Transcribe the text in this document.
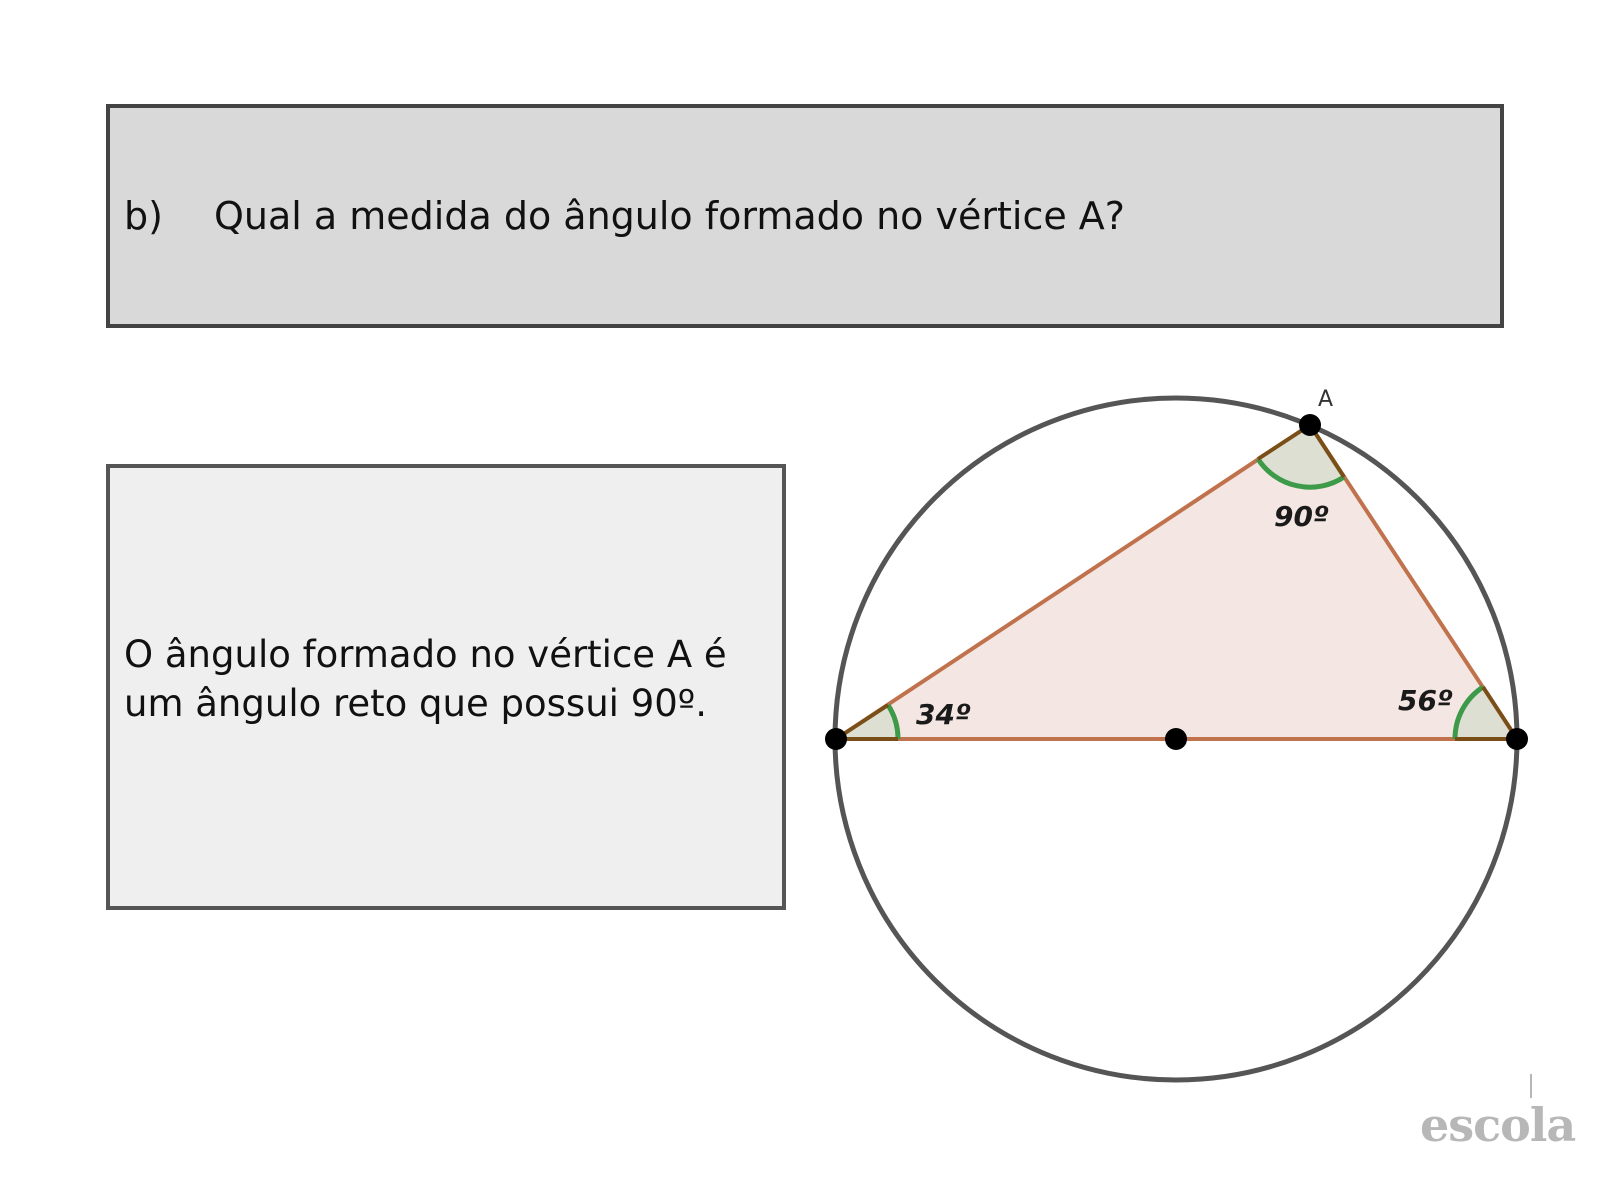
b)	Qual a medida do ângulo formado no vértice A?
O ângulo formado no vértice A é
um ângulo reto que possui 90º.
A
90º
34º	56º
escola
